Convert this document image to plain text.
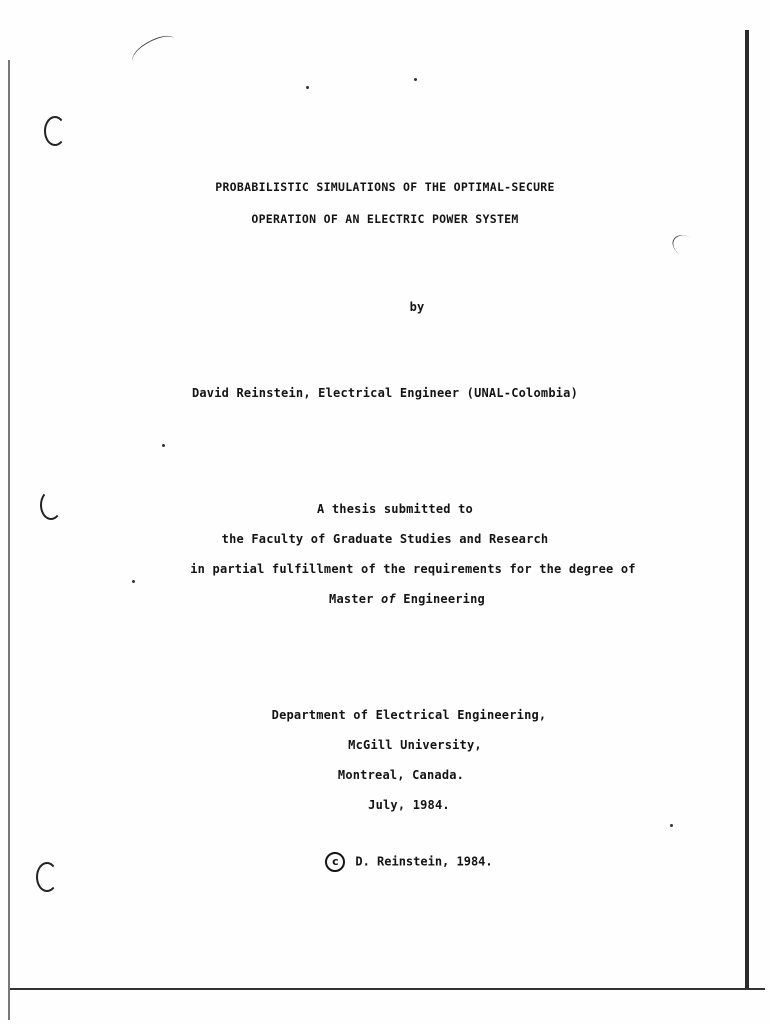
PROBABILISTIC SIMULATIONS OF THE OPTIMAL-SECURE
OPERATION OF AN ELECTRIC POWER SYSTEM
by
David Reinstein, Electrical Engineer (UNAL-Colombia)
A thesis submitted to
the Faculty of Graduate Studies and Research
in partial fulfillment of the requirements for the degree of
Master of Engineering
Department of Electrical Engineering,
McGill University,
Montreal, Canada.
July, 1984.
c D. Reinstein, 1984.
